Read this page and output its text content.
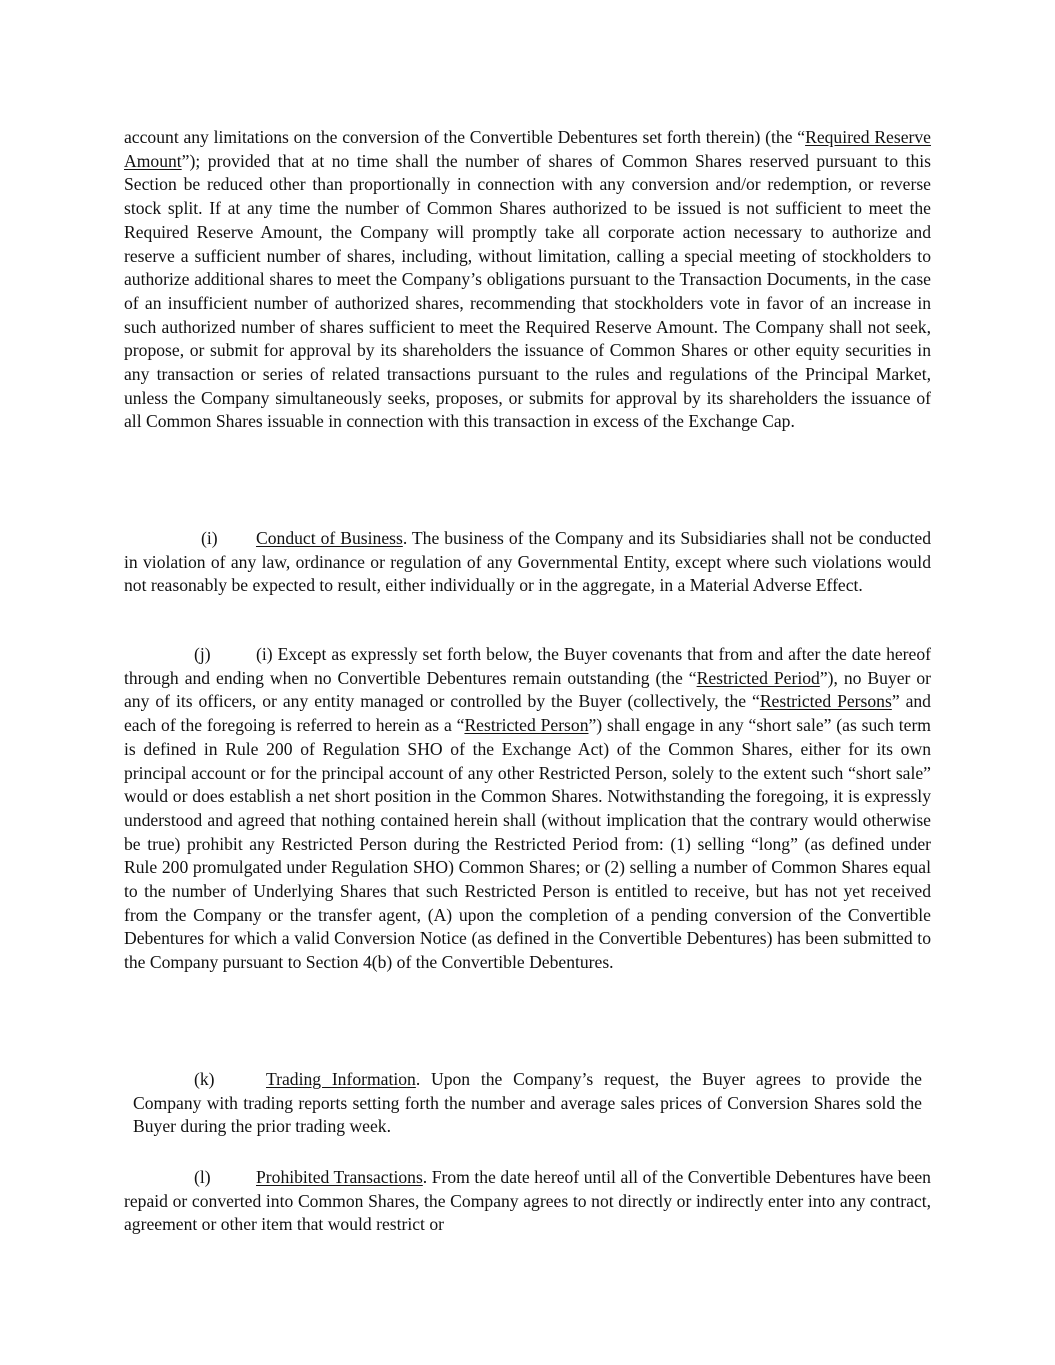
account any limitations on the conversion of the Convertible Debentures set forth therein) (the “Required Reserve Amount”); provided that at no time shall the number of shares of Common Shares reserved pursuant to this Section be reduced other than proportionally in connection with any conversion and/or redemption, or reverse stock split. If at any time the number of Common Shares authorized to be issued is not sufficient to meet the Required Reserve Amount, the Company will promptly take all corporate action necessary to authorize and reserve a sufficient number of shares, including, without limitation, calling a special meeting of stockholders to authorize additional shares to meet the Company’s obligations pursuant to the Transaction Documents, in the case of an insufficient number of authorized shares, recommending that stockholders vote in favor of an increase in such authorized number of shares sufficient to meet the Required Reserve Amount. The Company shall not seek, propose, or submit for approval by its shareholders the issuance of Common Shares or other equity securities in any transaction or series of related transactions pursuant to the rules and regulations of the Principal Market, unless the Company simultaneously seeks, proposes, or submits for approval by its shareholders the issuance of all Common Shares issuable in connection with this transaction in excess of the Exchange Cap.

(i) Conduct of Business. The business of the Company and its Subsidiaries shall not be conducted in violation of any law, ordinance or regulation of any Governmental Entity, except where such violations would not reasonably be expected to result, either individually or in the aggregate, in a Material Adverse Effect.

(j)	(i) Except as expressly set forth below, the Buyer covenants that from and after the date hereof through and ending when no Convertible Debentures remain outstanding (the “Restricted Period”), no Buyer or any of its officers, or any entity managed or controlled by the Buyer (collectively, the “Restricted Persons” and each of the foregoing is referred to herein as a “Restricted Person”) shall engage in any “short sale” (as such term is defined in Rule 200 of Regulation SHO of the Exchange Act) of the Common Shares, either for its own principal account or for the principal account of any other Restricted Person, solely to the extent such “short sale” would or does establish a net short position in the Common Shares. Notwithstanding the foregoing, it is expressly understood and agreed that nothing contained herein shall (without implication that the contrary would otherwise be true) prohibit any Restricted Person during the Restricted Period from: (1) selling “long” (as defined under Rule 200 promulgated under Regulation SHO) Common Shares; or (2) selling a number of Common Shares equal to the number of Underlying Shares that such Restricted Person is entitled to receive, but has not yet received from the Company or the transfer agent, (A) upon the completion of a pending conversion of the Convertible Debentures for which a valid Conversion Notice (as defined in the Convertible Debentures) has been submitted to the Company pursuant to Section 4(b) of the Convertible Debentures.

(k)	Trading Information. Upon the Company’s request, the Buyer agrees to provide the Company with trading reports setting forth the number and average sales prices of Conversion Shares sold the Buyer during the prior trading week.

(l)	Prohibited Transactions. From the date hereof until all of the Convertible Debentures have been repaid or converted into Common Shares, the Company agrees to not directly or indirectly enter into any contract, agreement or other item that would restrict or
